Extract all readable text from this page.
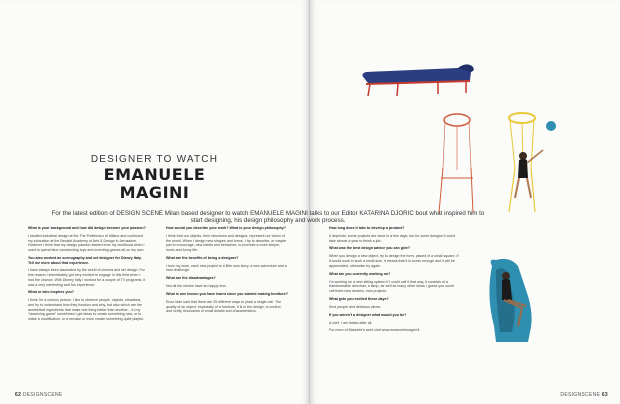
DESIGNER TO WATCH
EMANUELE
MAGINI

What is your background and how did design become your passion?

I studied industrial design at the The Politecnico di Milano and continued my education at the Bezalel Academy of Arts & Design in Jerusalem. However I think that my design passion started from my childhood when I used to spend time constructing toys and inventing games all on my own.

You also worked as scenography and set designer for Disney Italy. Tell me more about that experience.

I have always been fascinated by the world of cinema and set design. For this reason I immediately got very excited to engage in this field when I had the chance. With Disney Italy I worked for a couple of TV programs. It was a very interesting and fun experience.

What or who inspires you?

I think I'm a curious person. I like to observe people, objects, situations, and try to understand how they function and why, but also which are the aesthetical ingredients that make one thing better than another... In my "observing game" sometimes I get ideas to create something new, or to make a modification, or a remake or even create something quite playful.

How would you describe your work? What is your design philosophy?

I think that our objects, their structures and designs, represent our vision of the world. When I design new shapes and forms, I try to describe, or maybe just to encourage, new habits and behaviors, to promote a more simple, ironic and funny life.

What are the benefits of being a designer?

I love my work, each new project is a little new story, a new adventure and a new challenge.

What are the disadvantages?

Not all the stories have an happy end...

What is one lesson you have learnt since you started making furniture?

Enzo Mari said that there are 25 different ways to plant a single nail. The quality of an object, especially of a furniture, it is in the design, to control, and verify, thousands of small details and characteristics.

62 DESIGNSCENE

How long does it take to develop a product?

It depends: some projects are done in a few days, but for some designs it could take almost a year to finish a job.

What was the best design advice you can give?

When you design a new object, try to design the form, placed in a small square. If it would work in such a small size, it means that it is iconic enough and it will be appreciated, otherwise try again.

What are you currently working on?

I'm working on a new sitting system if I could call it that way, it consists of a transformable armchair, a lamp, as well as many other ideas I guess you could call them new dreams, new projects.

What gets you excited these days?

Kind people and delicious wines.

If you weren't a designer what would you be?

A chef. I am Italian after all.

For more of Manuele's work visit www.emanuelemagini.it

DESIGNSCENE 63
For the latest edition of DESIGN SCENE Milan based designer to watch EMANUELE MAGINI talks to our Editor KATARINA DJORIC bout what inspired him to start designing, his design philosophy and work process.
